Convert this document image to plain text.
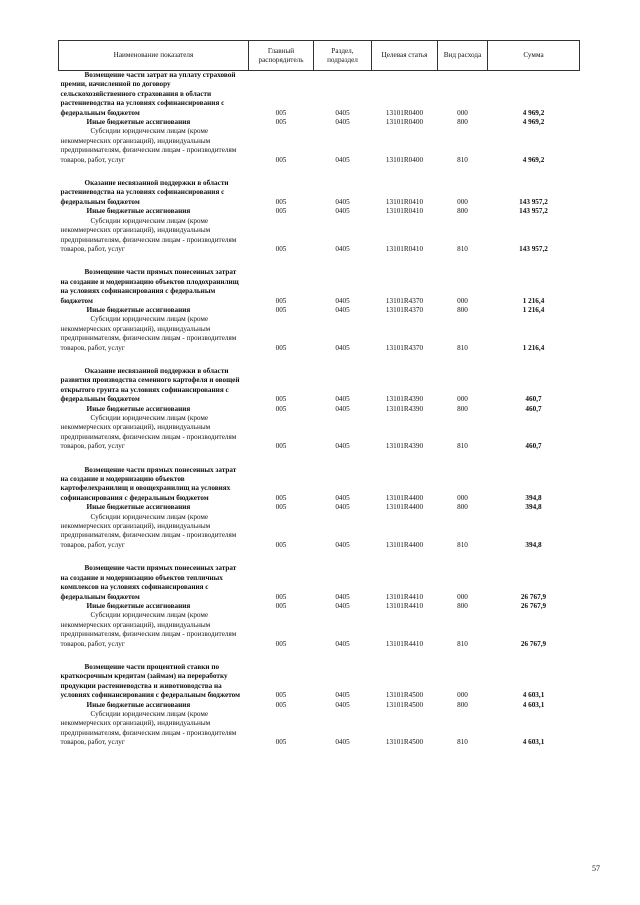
Наименование показателя	Главный распорядитель	Раздел, подраздел	Целевая статья	Вид расхода	Сумма
Возмещение части затрат на уплату страховой премии, начисленной по договору сельскохозяйственного страхования в области растениеводства на условиях софинансирования с федеральным бюджетом	005	0405	13101R0400	000	4 969,2
Иные бюджетные ассигнования	005	0405	13101R0400	800	4 969,2
Субсидии юридическим лицам (кроме некоммерческих организаций), индивидуальным предпринимателям, физическим лицам - производителям товаров, работ, услуг	005	0405	13101R0400	810	4 969,2
Оказание несвязанной поддержки в области растениеводства на условиях софинансирования с федеральным бюджетом	005	0405	13101R0410	000	143 957,2
Иные бюджетные ассигнования	005	0405	13101R0410	800	143 957,2
Субсидии юридическим лицам (кроме некоммерческих организаций), индивидуальным предпринимателям, физическим лицам - производителям товаров, работ, услуг	005	0405	13101R0410	810	143 957,2
Возмещение части прямых понесенных затрат на создание и модернизацию объектов плодохранилищ на условиях софинансирования с федеральным бюджетом	005	0405	13101R4370	000	1 216,4
Иные бюджетные ассигнования	005	0405	13101R4370	800	1 216,4
Субсидии юридическим лицам (кроме некоммерческих организаций), индивидуальным предпринимателям, физическим лицам - производителям товаров, работ, услуг	005	0405	13101R4370	810	1 216,4
Оказание несвязанной поддержки в области развития производства семенного картофеля и овощей открытого грунта на условиях софинансирования с федеральным бюджетом	005	0405	13101R4390	000	460,7
Иные бюджетные ассигнования	005	0405	13101R4390	800	460,7
Субсидии юридическим лицам (кроме некоммерческих организаций), индивидуальным предпринимателям, физическим лицам - производителям товаров, работ, услуг	005	0405	13101R4390	810	460,7
Возмещение части прямых понесенных затрат на создание и модернизацию объектов картофелехранилищ и овощехранилищ на условиях софинансирования с федеральным бюджетом	005	0405	13101R4400	000	394,8
Иные бюджетные ассигнования	005	0405	13101R4400	800	394,8
Субсидии юридическим лицам (кроме некоммерческих организаций), индивидуальным предпринимателям, физическим лицам - производителям товаров, работ, услуг	005	0405	13101R4400	810	394,8
Возмещение части прямых понесенных затрат на создание и модернизацию объектов тепличных комплексов на условиях софинансирования с федеральным бюджетом	005	0405	13101R4410	000	26 767,9
Иные бюджетные ассигнования	005	0405	13101R4410	800	26 767,9
Субсидии юридическим лицам (кроме некоммерческих организаций), индивидуальным предпринимателям, физическим лицам - производителям товаров, работ, услуг	005	0405	13101R4410	810	26 767,9
Возмещение части процентной ставки по краткосрочным кредитам (займам) на переработку продукции растениеводства и животноводства на условиях софинансирования с федеральным бюджетом	005	0405	13101R4500	000	4 603,1
Иные бюджетные ассигнования	005	0405	13101R4500	800	4 603,1
Субсидии юридическим лицам (кроме некоммерческих организаций), индивидуальным предпринимателям, физическим лицам - производителям товаров, работ, услуг	005	0405	13101R4500	810	4 603,1
57
